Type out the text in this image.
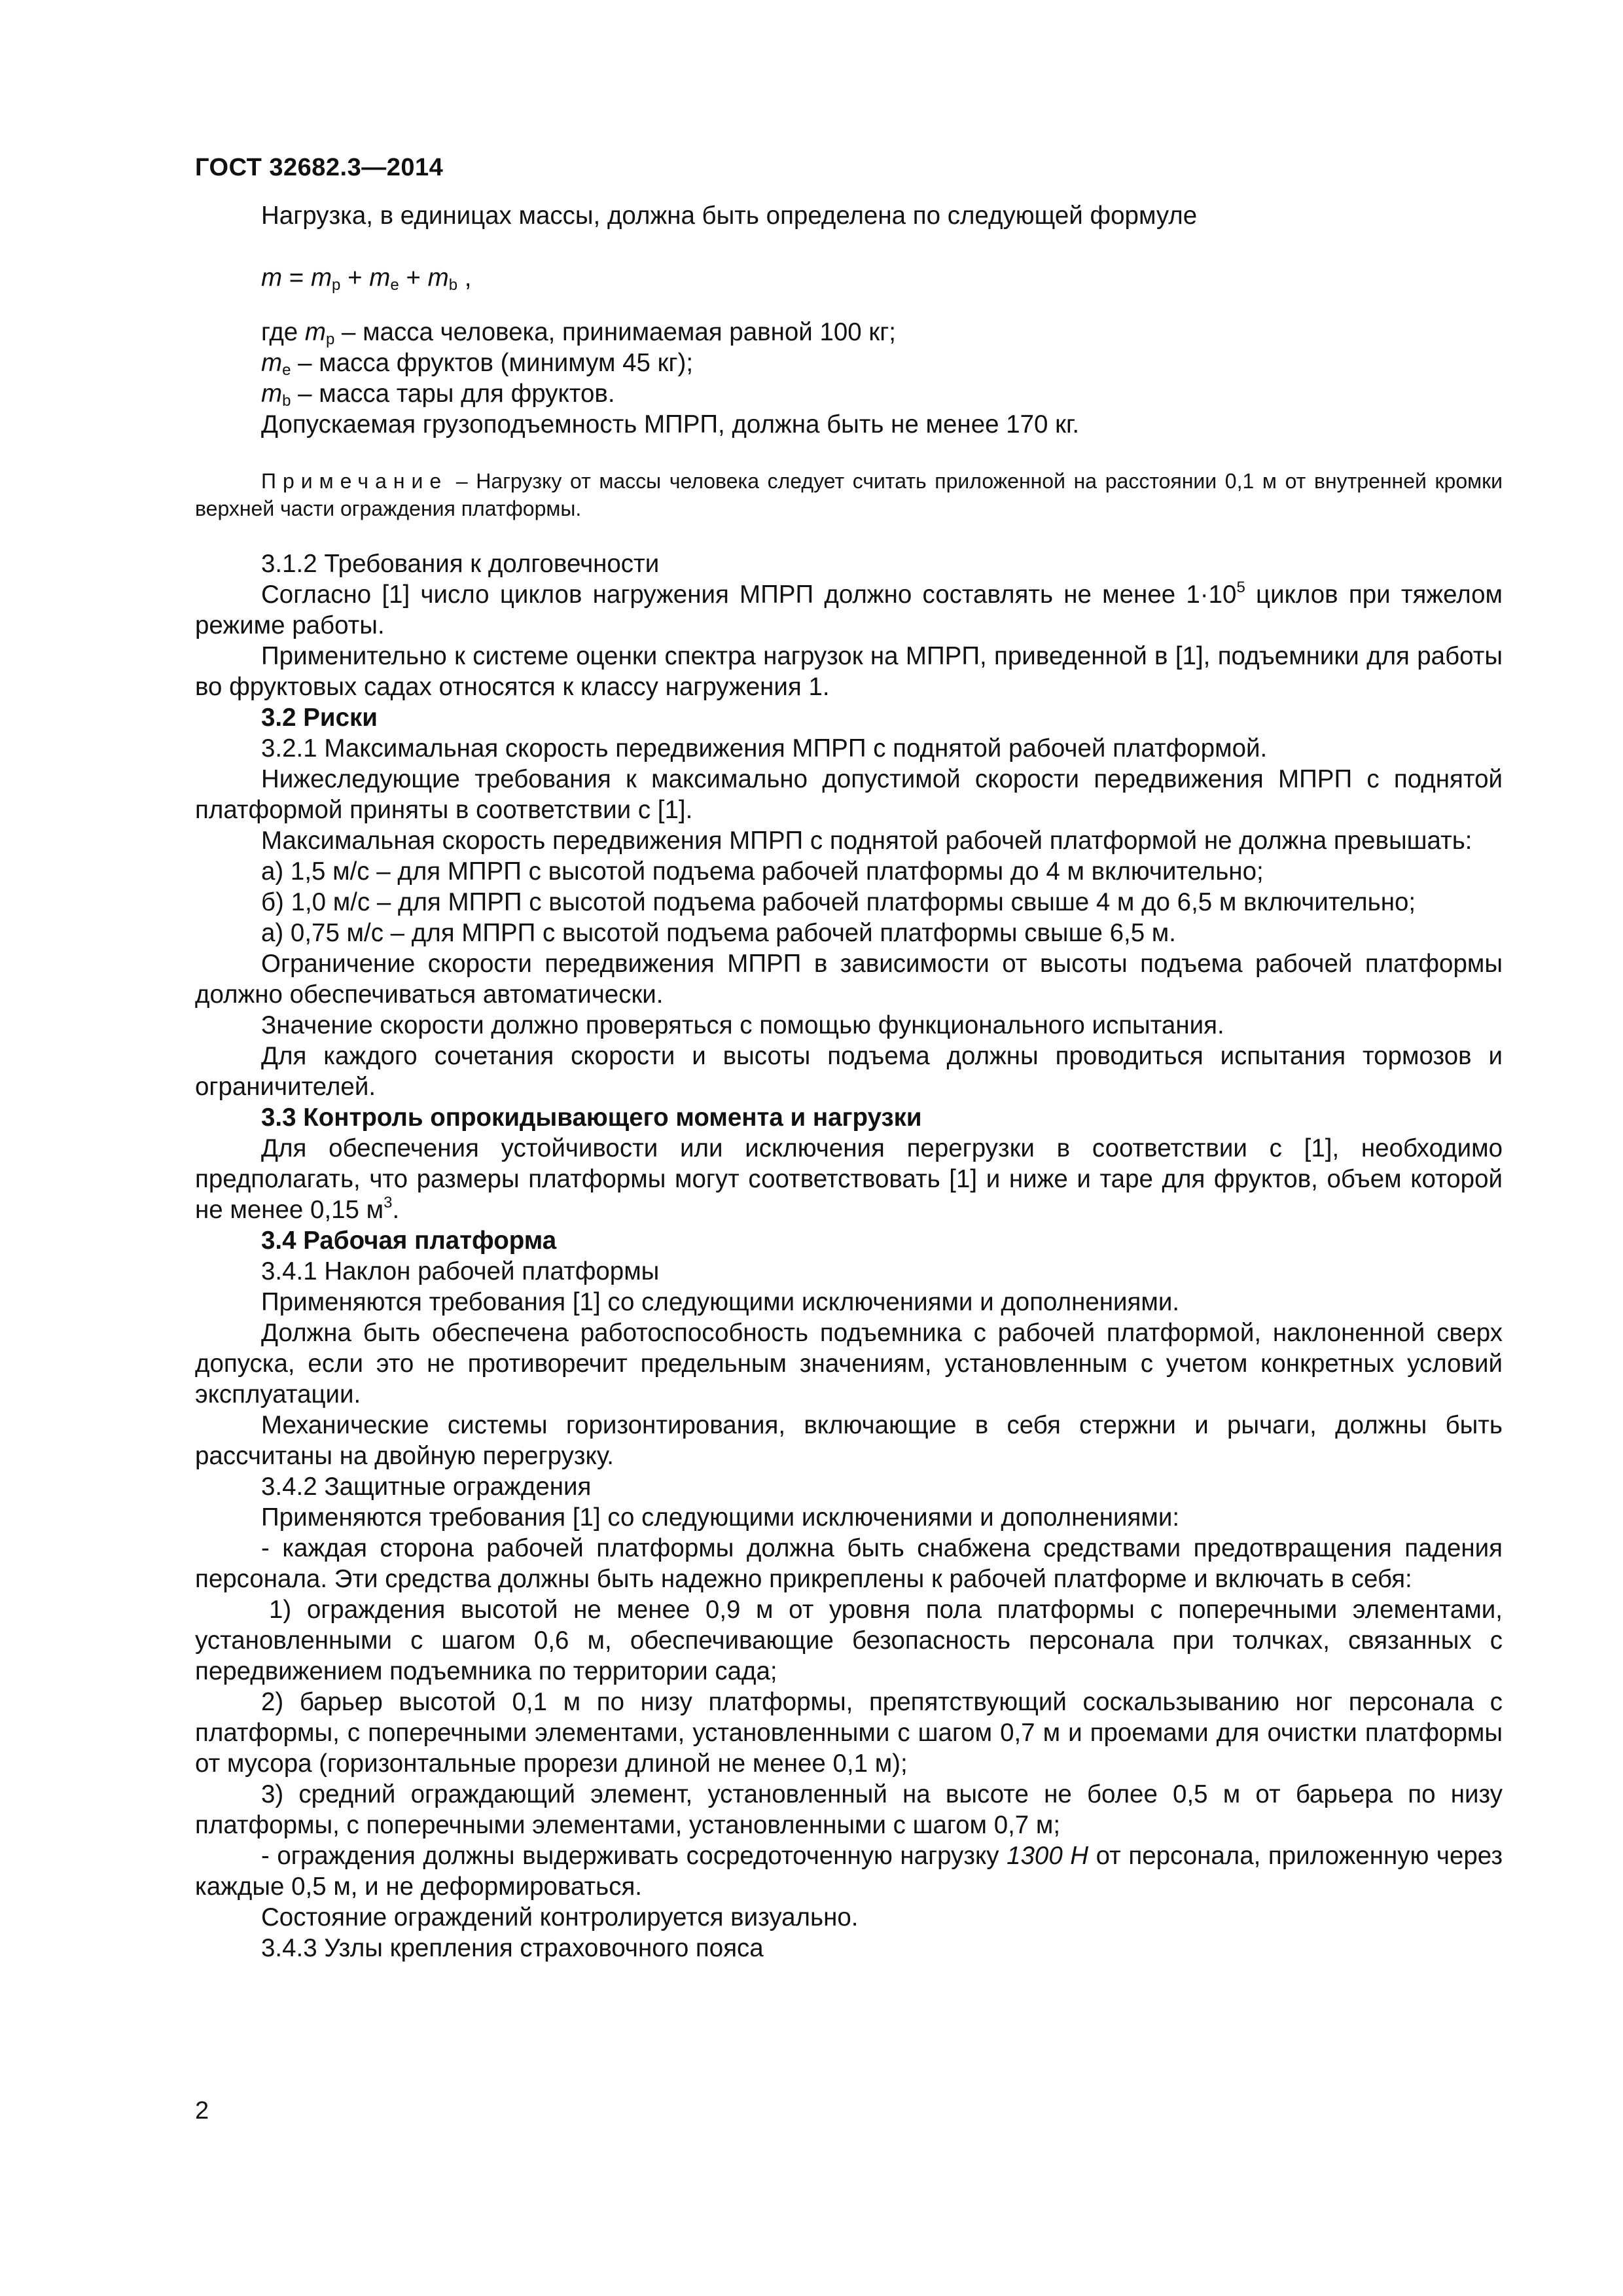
ГОСТ 32682.3—2014

Нагрузка, в единицах массы, должна быть определена по следующей формуле

$m = m_p + m_e + m_b$ ,

где $m_p$ – масса человека, принимаемая равной 100 кг;

$m_e$ – масса фруктов (минимум 45 кг);

$m_b$ – масса тары для фруктов.

Допускаемая грузоподъемность МПРП, должна быть не менее 170 кг.

Примечание – Нагрузку от массы человека следует считать приложенной на расстоянии 0,1 м от внутренней кромки верхней части ограждения платформы.

3.1.2 Требования к долговечности

Согласно [1] число циклов нагружения МПРП должно составлять не менее $1\cdot 10^5$ циклов при тяжелом режиме работы.

Применительно к системе оценки спектра нагрузок на МПРП, приведенной в [1], подъемники для работы во фруктовых садах относятся к классу нагружения 1.

3.2 Риски

3.2.1 Максимальная скорость передвижения МПРП с поднятой рабочей платформой.

Нижеследующие требования к максимально допустимой скорости передвижения МПРП с поднятой платформой приняты в соответствии с [1].

Максимальная скорость передвижения МПРП с поднятой рабочей платформой не должна превышать:

а) 1,5 м/с – для МПРП с высотой подъема рабочей платформы до 4 м включительно;

б) 1,0 м/с – для МПРП с высотой подъема рабочей платформы свыше 4 м до 6,5 м включительно;

а) 0,75 м/с – для МПРП с высотой подъема рабочей платформы свыше 6,5 м.

Ограничение скорости передвижения МПРП в зависимости от высоты подъема рабочей платформы должно обеспечиваться автоматически.

Значение скорости должно проверяться с помощью функционального испытания.

Для каждого сочетания скорости и высоты подъема должны проводиться испытания тормозов и ограничителей.

3.3 Контроль опрокидывающего момента и нагрузки

Для обеспечения устойчивости или исключения перегрузки в соответствии с [1], необходимо предполагать, что размеры платформы могут соответствовать [1] и ниже и таре для фруктов, объем которой не менее 0,15 $м^3$.

3.4 Рабочая платформа

3.4.1 Наклон рабочей платформы

Применяются требования [1] со следующими исключениями и дополнениями.

Должна быть обеспечена работоспособность подъемника с рабочей платформой, наклоненной сверх допуска, если это не противоречит предельным значениям, установленным с учетом конкретных условий эксплуатации.

Механические системы горизонтирования, включающие в себя стержни и рычаги, должны быть рассчитаны на двойную перегрузку.

3.4.2 Защитные ограждения

Применяются требования [1] со следующими исключениями и дополнениями:

- каждая сторона рабочей платформы должна быть снабжена средствами предотвращения падения персонала. Эти средства должны быть надежно прикреплены к рабочей платформе и включать в себя:

1) ограждения высотой не менее 0,9 м от уровня пола платформы с поперечными элементами, установленными с шагом 0,6 м, обеспечивающие безопасность персонала при толчках, связанных с передвижением подъемника по территории сада;

2) барьер высотой 0,1 м по низу платформы, препятствующий соскальзыванию ног персонала с платформы, с поперечными элементами, установленными с шагом 0,7 м и проемами для очистки платформы от мусора (горизонтальные прорези длиной не менее 0,1 м);

3) средний ограждающий элемент, установленный на высоте не более 0,5 м от барьера по низу платформы, с поперечными элементами, установленными с шагом 0,7 м;

- ограждения должны выдерживать сосредоточенную нагрузку 1300 Н от персонала, приложенную через каждые 0,5 м, и не деформироваться.

Состояние ограждений контролируется визуально.

3.4.3 Узлы крепления страховочного пояса

2
